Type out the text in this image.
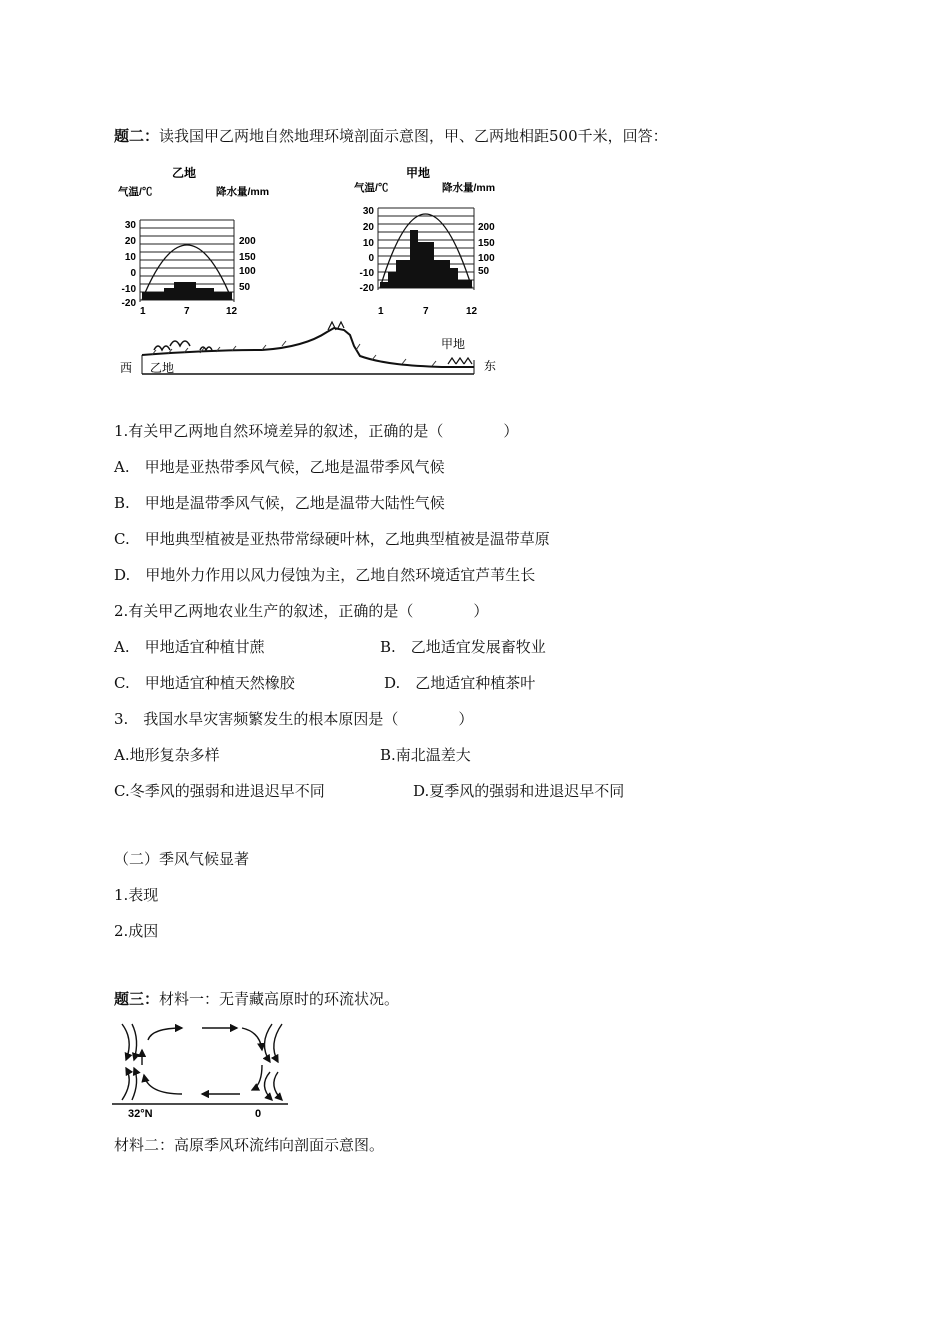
题二：读我国甲乙两地自然地理环境剖面示意图，甲、乙两地相距500千米，回答：
乙地
气温/℃	降水量/mm
30
20
10
0
-10
-20
200
150
100
50
1	7	12
甲地
气温/℃	降水量/mm
30
20
10
0
-10
-20
200
150
100
50
1	7	12
西 乙地
甲地
东
1.有关甲乙两地自然环境差异的叙述，正确的是（　　　　）
A.　甲地是亚热带季风气候，乙地是温带季风气候
B.　甲地是温带季风气候，乙地是温带大陆性气候
C.　甲地典型植被是亚热带常绿硬叶林，乙地典型植被是温带草原
D.　甲地外力作用以风力侵蚀为主，乙地自然环境适宜芦苇生长
2.有关甲乙两地农业生产的叙述，正确的是（　　　　）
A.　甲地适宜种植甘蔗	B.　乙地适宜发展畜牧业
C.　甲地适宜种植天然橡胶	D.　乙地适宜种植茶叶
3.　我国水旱灾害频繁发生的根本原因是（　　　　）
A.地形复杂多样	B.南北温差大
C.冬季风的强弱和进退迟早不同	D.夏季风的强弱和进退迟早不同
（二）季风气候显著
1.表现
2.成因
题三：材料一：无青藏高原时的环流状况。
32°N	0
材料二：高原季风环流纬向剖面示意图。
